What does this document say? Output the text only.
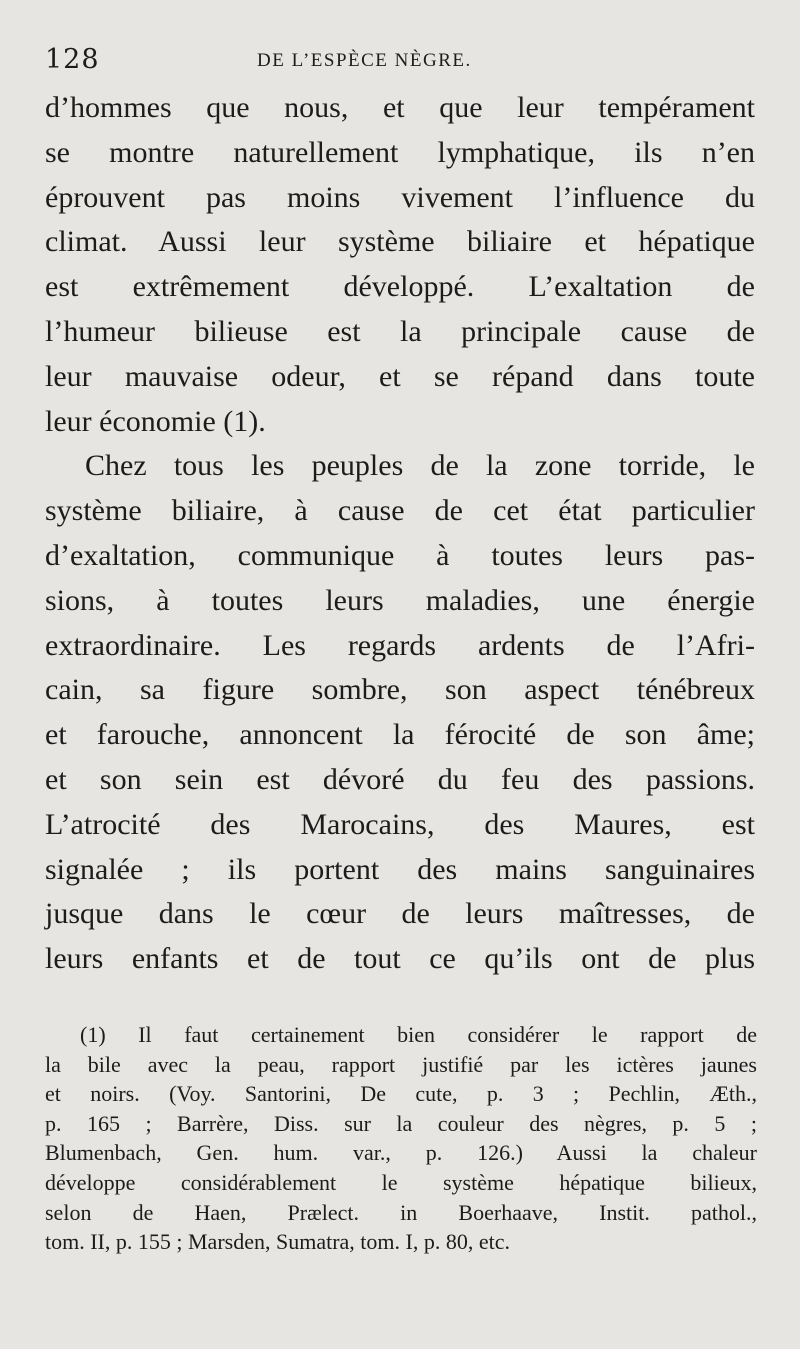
128	DE L’ESPÈCE NÈGRE.
d’hommes que nous, et que leur tempérament
se montre naturellement lymphatique, ils n’en
éprouvent pas moins vivement l’influence du
climat. Aussi leur système biliaire et hépatique
est extrêmement développé. L’exaltation de
l’humeur bilieuse est la principale cause de
leur mauvaise odeur, et se répand dans toute
leur économie (1).
Chez tous les peuples de la zone torride, le
système biliaire, à cause de cet état particulier
d’exaltation, communique à toutes leurs pas-
sions, à toutes leurs maladies, une énergie
extraordinaire. Les regards ardents de l’Afri-
cain, sa figure sombre, son aspect ténébreux
et farouche, annoncent la férocité de son âme;
et son sein est dévoré du feu des passions.
L’atrocité des Marocains, des Maures, est
signalée ; ils portent des mains sanguinaires
jusque dans le cœur de leurs maîtresses, de
leurs enfants et de tout ce qu’ils ont de plus
(1) Il faut certainement bien considérer le rapport de
la bile avec la peau, rapport justifié par les ictères jaunes
et noirs. (Voy. Santorini, De cute, p. 3 ; Pechlin, Æth.,
p. 165 ; Barrère, Diss. sur la couleur des nègres, p. 5 ;
Blumenbach, Gen. hum. var., p. 126.) Aussi la chaleur
développe considérablement le système hépatique bilieux,
selon de Haen, Prælect. in Boerhaave, Instit. pathol.,
tom. II, p. 155 ; Marsden, Sumatra, tom. I, p. 80, etc.
